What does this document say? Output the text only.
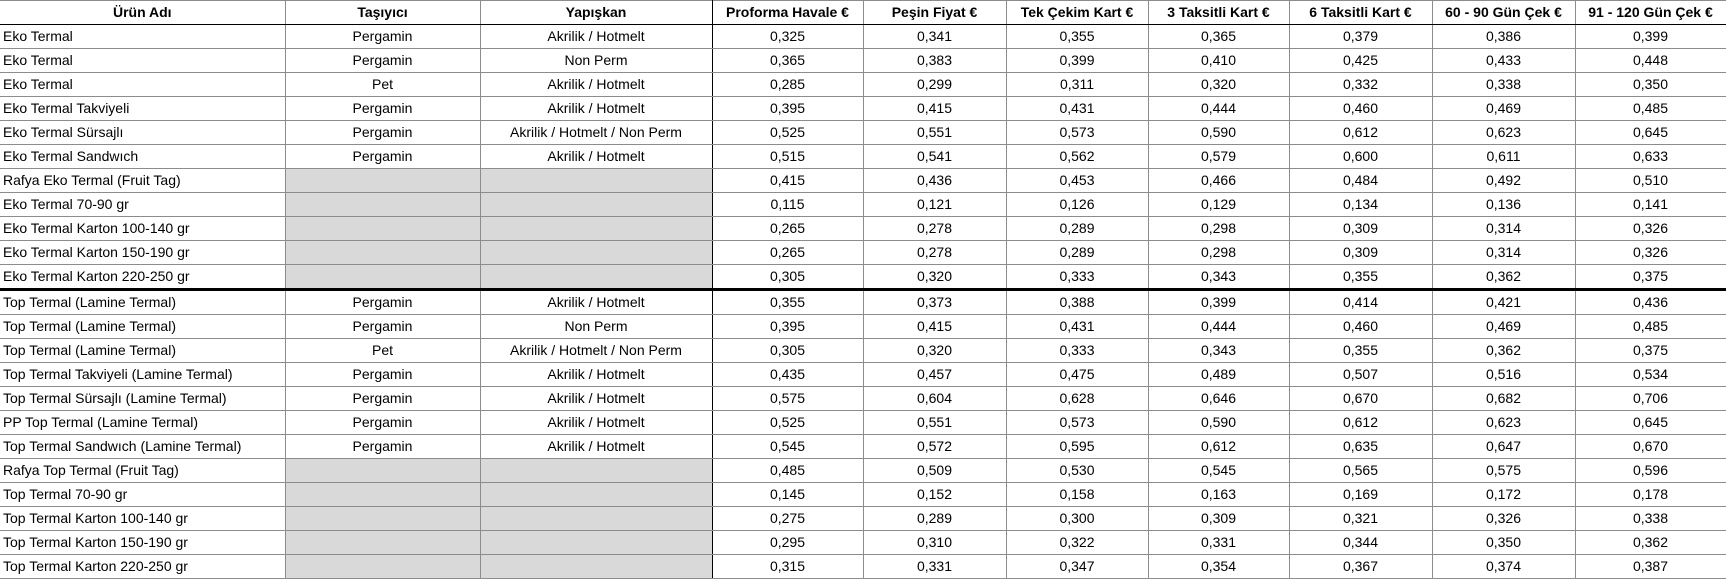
Ürün Adı	Taşıyıcı	Yapışkan	Proforma Havale €	Peşin Fiyat €	Tek Çekim Kart €	3 Taksitli Kart €	6 Taksitli Kart €	60 - 90 Gün Çek €	91 - 120 Gün Çek €
Eko Termal	Pergamin	Akrilik / Hotmelt	0,325	0,341	0,355	0,365	0,379	0,386	0,399
Eko Termal	Pergamin	Non Perm	0,365	0,383	0,399	0,410	0,425	0,433	0,448
Eko Termal	Pet	Akrilik / Hotmelt	0,285	0,299	0,311	0,320	0,332	0,338	0,350
Eko Termal Takviyeli	Pergamin	Akrilik / Hotmelt	0,395	0,415	0,431	0,444	0,460	0,469	0,485
Eko Termal Sürsajlı	Pergamin	Akrilik / Hotmelt / Non Perm	0,525	0,551	0,573	0,590	0,612	0,623	0,645
Eko Termal Sandwıch	Pergamin	Akrilik / Hotmelt	0,515	0,541	0,562	0,579	0,600	0,611	0,633
Rafya Eko Termal (Fruit Tag)			0,415	0,436	0,453	0,466	0,484	0,492	0,510
Eko Termal 70-90 gr			0,115	0,121	0,126	0,129	0,134	0,136	0,141
Eko Termal Karton 100-140 gr			0,265	0,278	0,289	0,298	0,309	0,314	0,326
Eko Termal Karton 150-190 gr			0,265	0,278	0,289	0,298	0,309	0,314	0,326
Eko Termal Karton 220-250 gr			0,305	0,320	0,333	0,343	0,355	0,362	0,375
Top Termal (Lamine Termal)	Pergamin	Akrilik / Hotmelt	0,355	0,373	0,388	0,399	0,414	0,421	0,436
Top Termal (Lamine Termal)	Pergamin	Non Perm	0,395	0,415	0,431	0,444	0,460	0,469	0,485
Top Termal (Lamine Termal)	Pet	Akrilik / Hotmelt / Non Perm	0,305	0,320	0,333	0,343	0,355	0,362	0,375
Top Termal Takviyeli (Lamine Termal)	Pergamin	Akrilik / Hotmelt	0,435	0,457	0,475	0,489	0,507	0,516	0,534
Top Termal Sürsajlı (Lamine Termal)	Pergamin	Akrilik / Hotmelt	0,575	0,604	0,628	0,646	0,670	0,682	0,706
PP Top Termal (Lamine Termal)	Pergamin	Akrilik / Hotmelt	0,525	0,551	0,573	0,590	0,612	0,623	0,645
Top Termal Sandwıch (Lamine Termal)	Pergamin	Akrilik / Hotmelt	0,545	0,572	0,595	0,612	0,635	0,647	0,670
Rafya Top Termal (Fruit Tag)			0,485	0,509	0,530	0,545	0,565	0,575	0,596
Top Termal 70-90 gr			0,145	0,152	0,158	0,163	0,169	0,172	0,178
Top Termal Karton 100-140 gr			0,275	0,289	0,300	0,309	0,321	0,326	0,338
Top Termal Karton 150-190 gr			0,295	0,310	0,322	0,331	0,344	0,350	0,362
Top Termal Karton 220-250 gr			0,315	0,331	0,347	0,354	0,367	0,374	0,387
